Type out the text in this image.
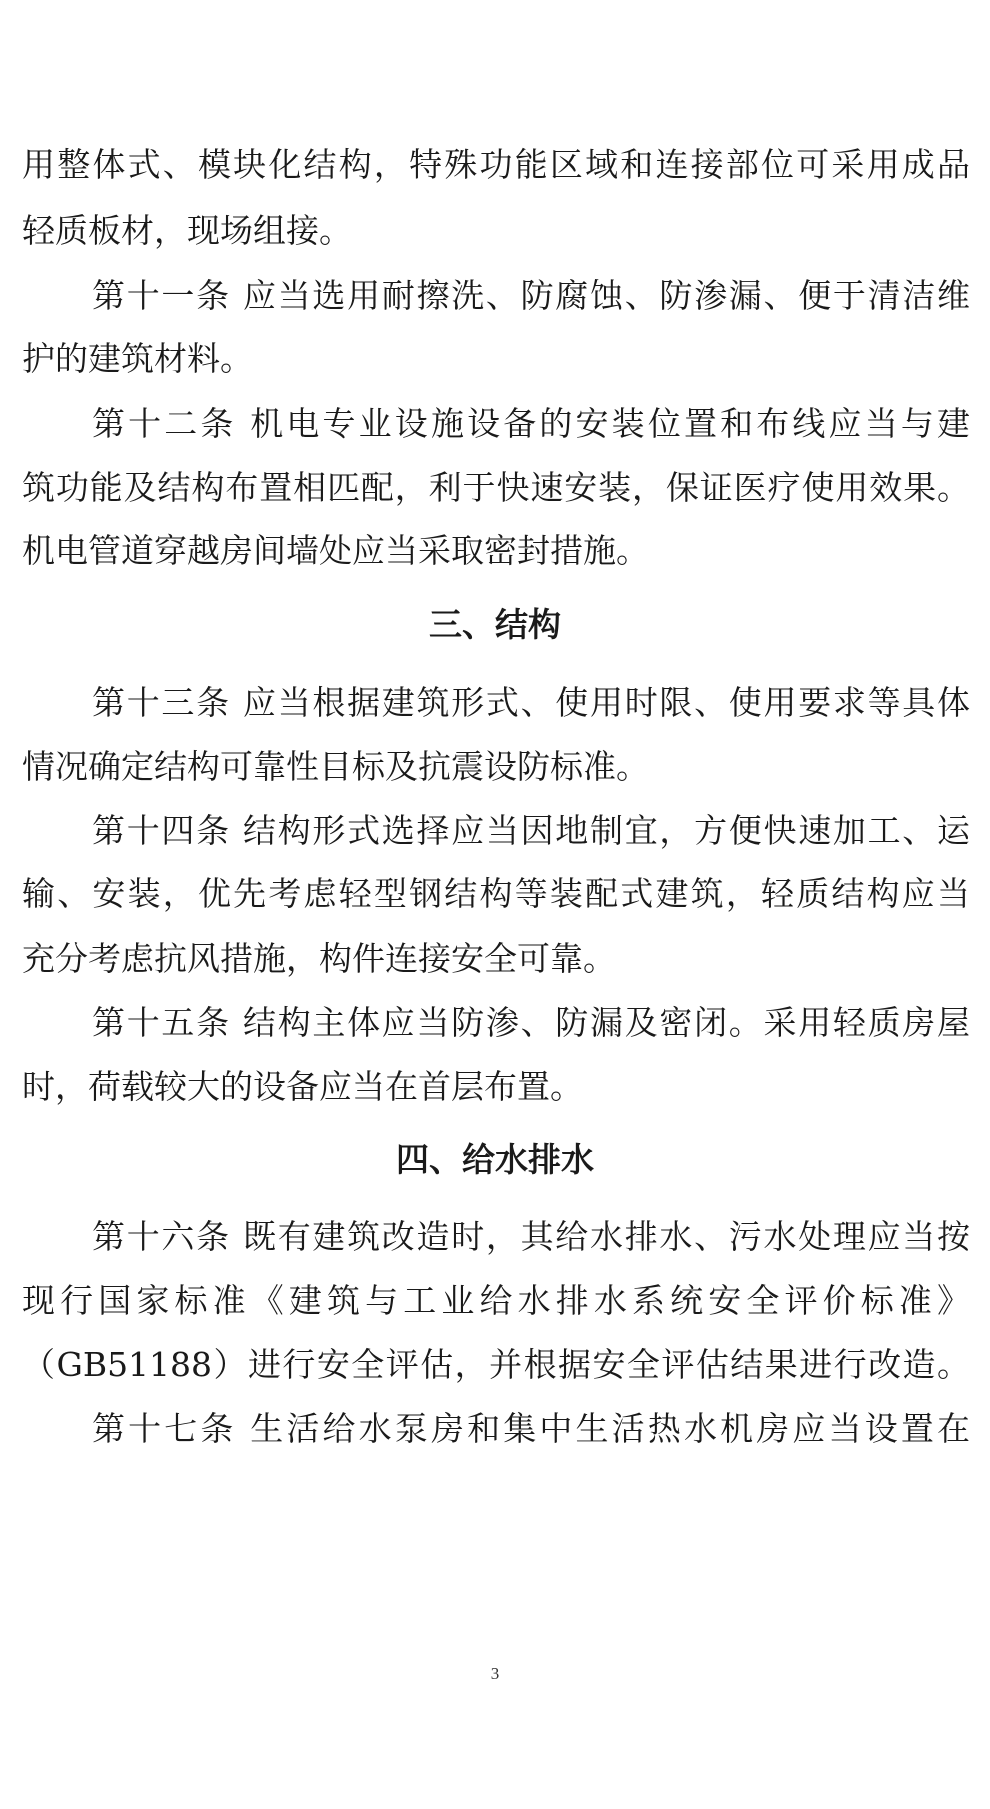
用整体式、模块化结构，特殊功能区域和连接部位可采用成品
轻质板材，现场组接。
第十一条 应当选用耐擦洗、防腐蚀、防渗漏、便于清洁维
护的建筑材料。
第十二条 机电专业设施设备的安装位置和布线应当与建
筑功能及结构布置相匹配，利于快速安装，保证医疗使用效果。
机电管道穿越房间墙处应当采取密封措施。
三、结构
第十三条 应当根据建筑形式、使用时限、使用要求等具体
情况确定结构可靠性目标及抗震设防标准。
第十四条 结构形式选择应当因地制宜，方便快速加工、运
输、安装，优先考虑轻型钢结构等装配式建筑，轻质结构应当
充分考虑抗风措施，构件连接安全可靠。
第十五条 结构主体应当防渗、防漏及密闭。采用轻质房屋
时，荷载较大的设备应当在首层布置。
四、给水排水
第十六条 既有建筑改造时，其给水排水、污水处理应当按
现行国家标准《建筑与工业给水排水系统安全评价标准》
（GB51188）进行安全评估，并根据安全评估结果进行改造。
第十七条 生活给水泵房和集中生活热水机房应当设置在
3
